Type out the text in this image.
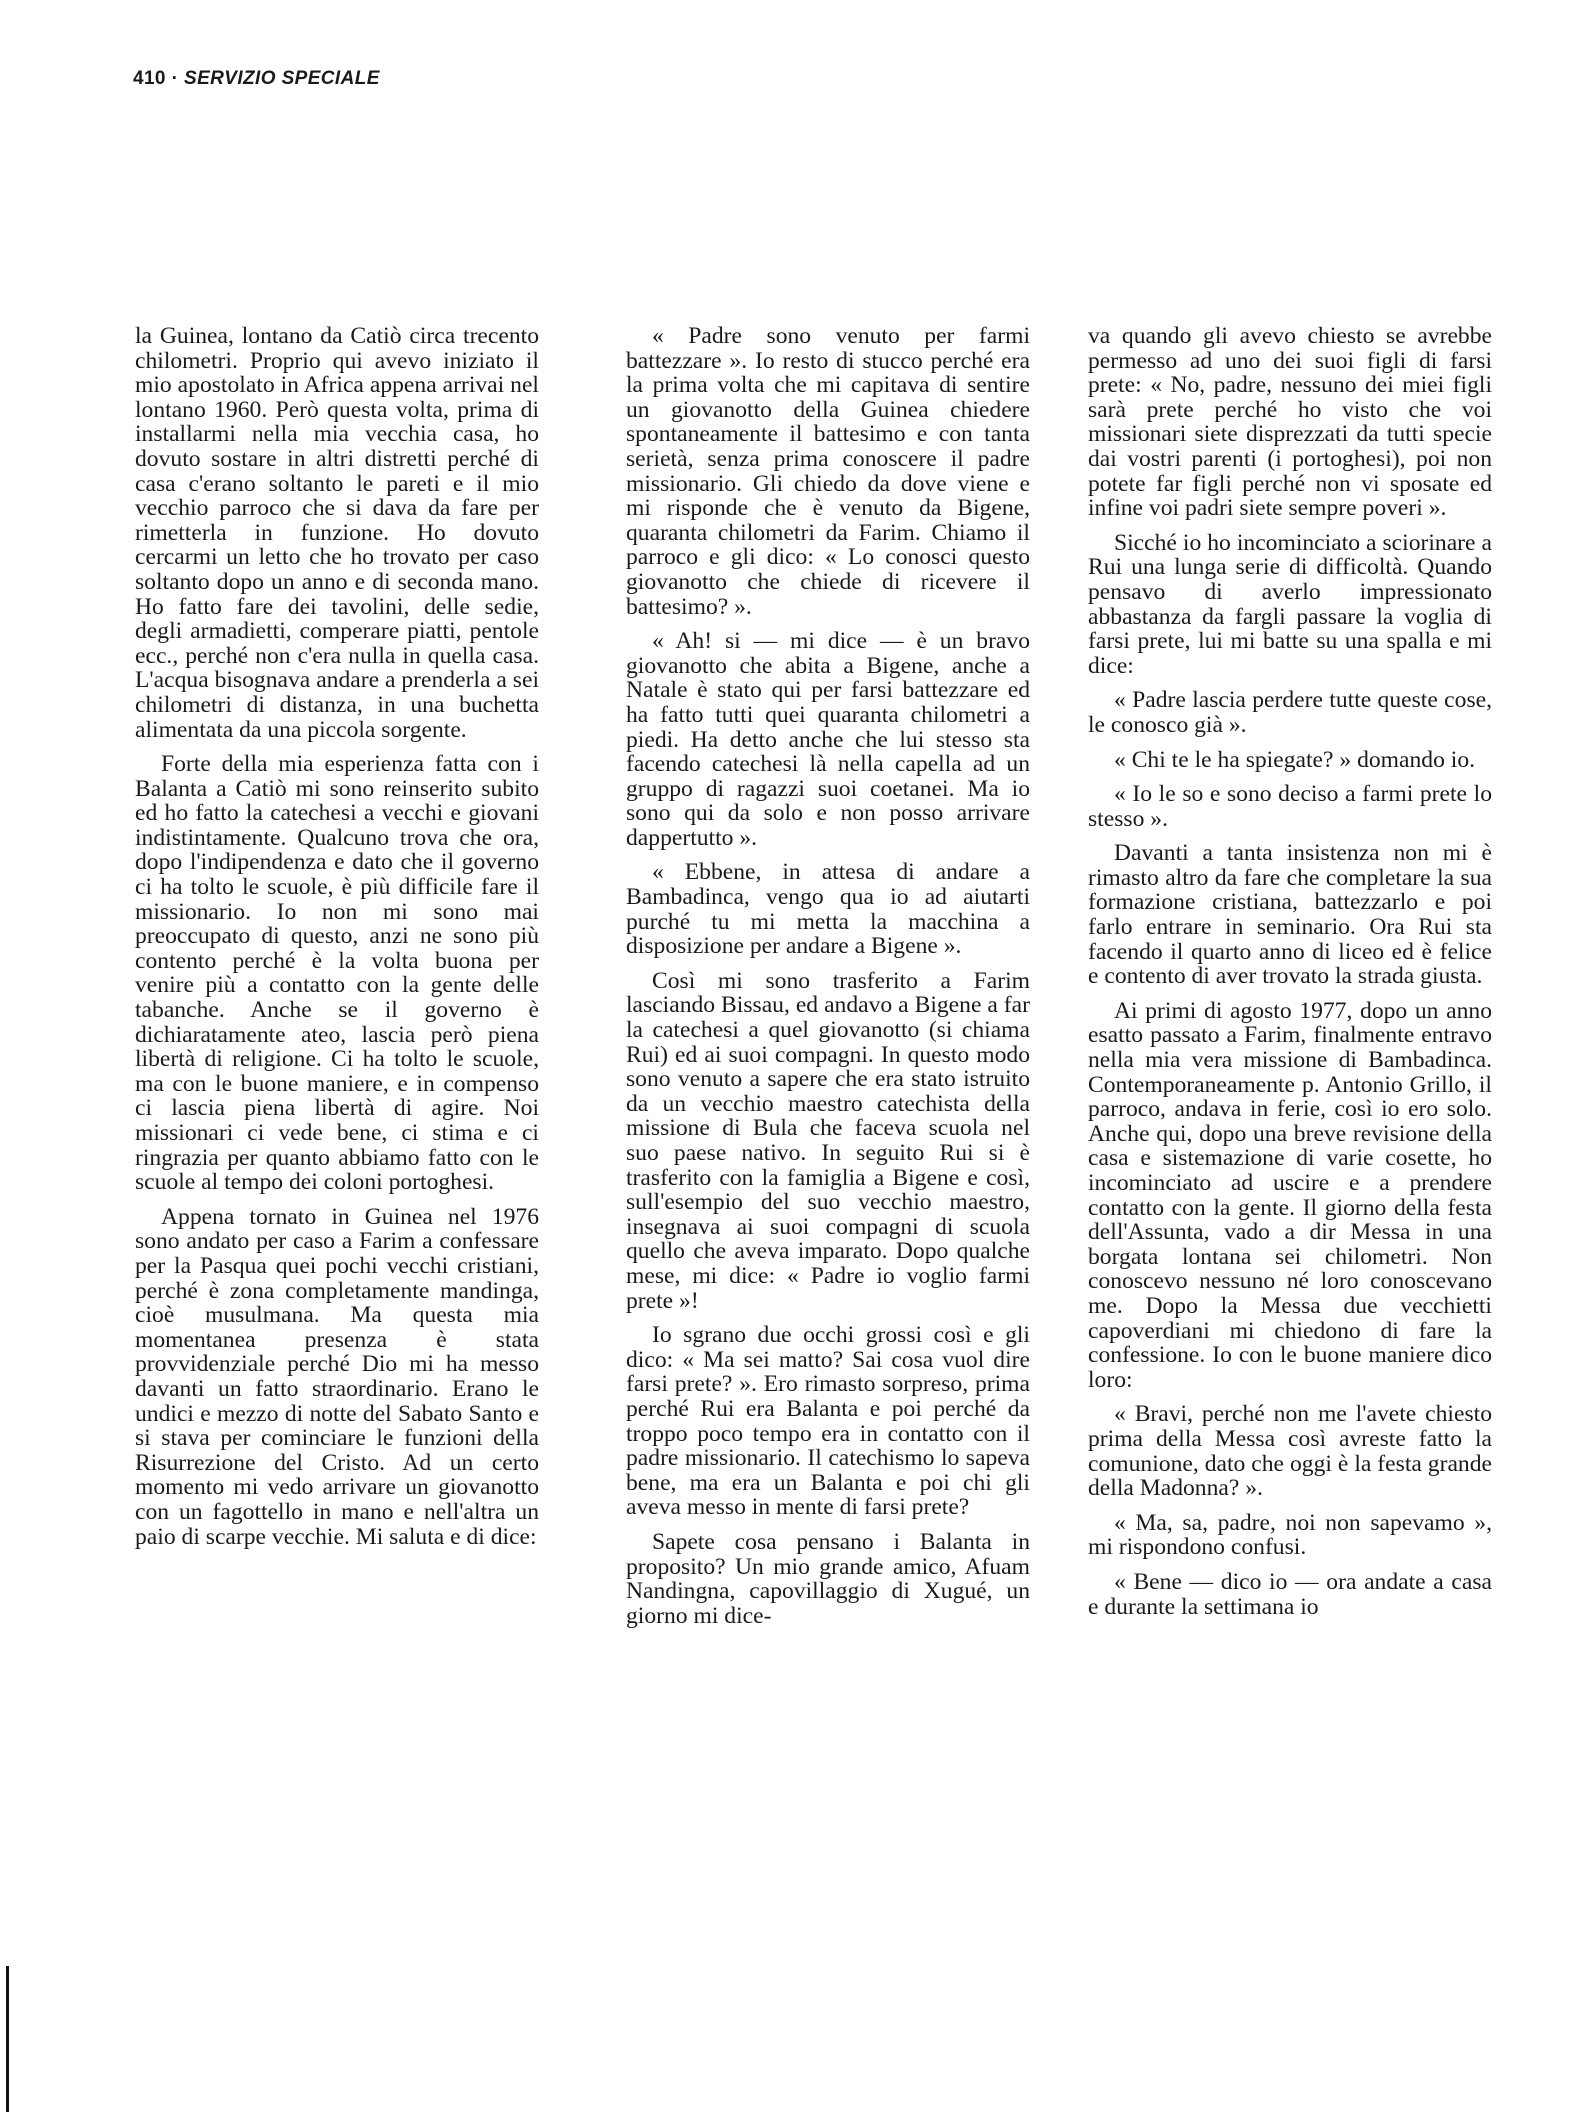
410 · SERVIZIO SPECIALE

la Guinea, lontano da Catiò circa trecento chilometri. Proprio qui avevo iniziato il mio apostolato in Africa appena arrivai nel lontano 1960. Però questa volta, prima di installarmi nella mia vecchia casa, ho dovuto sostare in altri distretti perché di casa c'erano soltanto le pareti e il mio vecchio parroco che si dava da fare per rimetterla in funzione. Ho dovuto cercarmi un letto che ho trovato per caso soltanto dopo un anno e di seconda mano. Ho fatto fare dei tavolini, delle sedie, degli armadietti, comperare piatti, pentole ecc., perché non c'era nulla in quella casa. L'acqua bisognava andare a prenderla a sei chilometri di distanza, in una buchetta alimentata da una piccola sorgente.

Forte della mia esperienza fatta con i Balanta a Catiò mi sono reinserito subito ed ho fatto la catechesi a vecchi e giovani indistintamente. Qualcuno trova che ora, dopo l'indipendenza e dato che il governo ci ha tolto le scuole, è più difficile fare il missionario. Io non mi sono mai preoccupato di questo, anzi ne sono più contento perché è la volta buona per venire più a contatto con la gente delle tabanche. Anche se il governo è dichiaratamente ateo, lascia però piena libertà di religione. Ci ha tolto le scuole, ma con le buone maniere, e in compenso ci lascia piena libertà di agire. Noi missionari ci vede bene, ci stima e ci ringrazia per quanto abbiamo fatto con le scuole al tempo dei coloni portoghesi.

Appena tornato in Guinea nel 1976 sono andato per caso a Farim a confessare per la Pasqua quei pochi vecchi cristiani, perché è zona completamente mandinga, cioè musulmana. Ma questa mia momentanea presenza è stata provvidenziale perché Dio mi ha messo davanti un fatto straordinario. Erano le undici e mezzo di notte del Sabato Santo e si stava per cominciare le funzioni della Risurrezione del Cristo. Ad un certo momento mi vedo arrivare un giovanotto con un fagottello in mano e nell'altra un paio di scarpe vecchie. Mi saluta e di dice:

« Padre sono venuto per farmi battezzare ». Io resto di stucco perché era la prima volta che mi capitava di sentire un giovanotto della Guinea chiedere spontaneamente il battesimo e con tanta serietà, senza prima conoscere il padre missionario. Gli chiedo da dove viene e mi risponde che è venuto da Bigene, quaranta chilometri da Farim. Chiamo il parroco e gli dico: « Lo conosci questo giovanotto che chiede di ricevere il battesimo? ».

« Ah! si — mi dice — è un bravo giovanotto che abita a Bigene, anche a Natale è stato qui per farsi battezzare ed ha fatto tutti quei quaranta chilometri a piedi. Ha detto anche che lui stesso sta facendo catechesi là nella capella ad un gruppo di ragazzi suoi coetanei. Ma io sono qui da solo e non posso arrivare dappertutto ».

« Ebbene, in attesa di andare a Bambadinca, vengo qua io ad aiutarti purché tu mi metta la macchina a disposizione per andare a Bigene ».

Così mi sono trasferito a Farim lasciando Bissau, ed andavo a Bigene a far la catechesi a quel giovanotto (si chiama Rui) ed ai suoi compagni. In questo modo sono venuto a sapere che era stato istruito da un vecchio maestro catechista della missione di Bula che faceva scuola nel suo paese nativo. In seguito Rui si è trasferito con la famiglia a Bigene e così, sull'esempio del suo vecchio maestro, insegnava ai suoi compagni di scuola quello che aveva imparato. Dopo qualche mese, mi dice: « Padre io voglio farmi prete »!

Io sgrano due occhi grossi così e gli dico: « Ma sei matto? Sai cosa vuol dire farsi prete? ». Ero rimasto sorpreso, prima perché Rui era Balanta e poi perché da troppo poco tempo era in contatto con il padre missionario. Il catechismo lo sapeva bene, ma era un Balanta e poi chi gli aveva messo in mente di farsi prete?

Sapete cosa pensano i Balanta in proposito? Un mio grande amico, Afuam Nandingna, capovillaggio di Xugué, un giorno mi dice-

va quando gli avevo chiesto se avrebbe permesso ad uno dei suoi figli di farsi prete: « No, padre, nessuno dei miei figli sarà prete perché ho visto che voi missionari siete disprezzati da tutti specie dai vostri parenti (i portoghesi), poi non potete far figli perché non vi sposate ed infine voi padri siete sempre poveri ».

Sicché io ho incominciato a sciorinare a Rui una lunga serie di difficoltà. Quando pensavo di averlo impressionato abbastanza da fargli passare la voglia di farsi prete, lui mi batte su una spalla e mi dice:

« Padre lascia perdere tutte queste cose, le conosco già ».

« Chi te le ha spiegate? » domando io.

« Io le so e sono deciso a farmi prete lo stesso ».

Davanti a tanta insistenza non mi è rimasto altro da fare che completare la sua formazione cristiana, battezzarlo e poi farlo entrare in seminario. Ora Rui sta facendo il quarto anno di liceo ed è felice e contento di aver trovato la strada giusta.

Ai primi di agosto 1977, dopo un anno esatto passato a Farim, finalmente entravo nella mia vera missione di Bambadinca. Contemporaneamente p. Antonio Grillo, il parroco, andava in ferie, così io ero solo. Anche qui, dopo una breve revisione della casa e sistemazione di varie cosette, ho incominciato ad uscire e a prendere contatto con la gente. Il giorno della festa dell'Assunta, vado a dir Messa in una borgata lontana sei chilometri. Non conoscevo nessuno né loro conoscevano me. Dopo la Messa due vecchietti capoverdiani mi chiedono di fare la confessione. Io con le buone maniere dico loro:

« Bravi, perché non me l'avete chiesto prima della Messa così avreste fatto la comunione, dato che oggi è la festa grande della Madonna? ».

« Ma, sa, padre, noi non sapevamo », mi rispondono confusi.

« Bene — dico io — ora andate a casa e durante la settimana io
